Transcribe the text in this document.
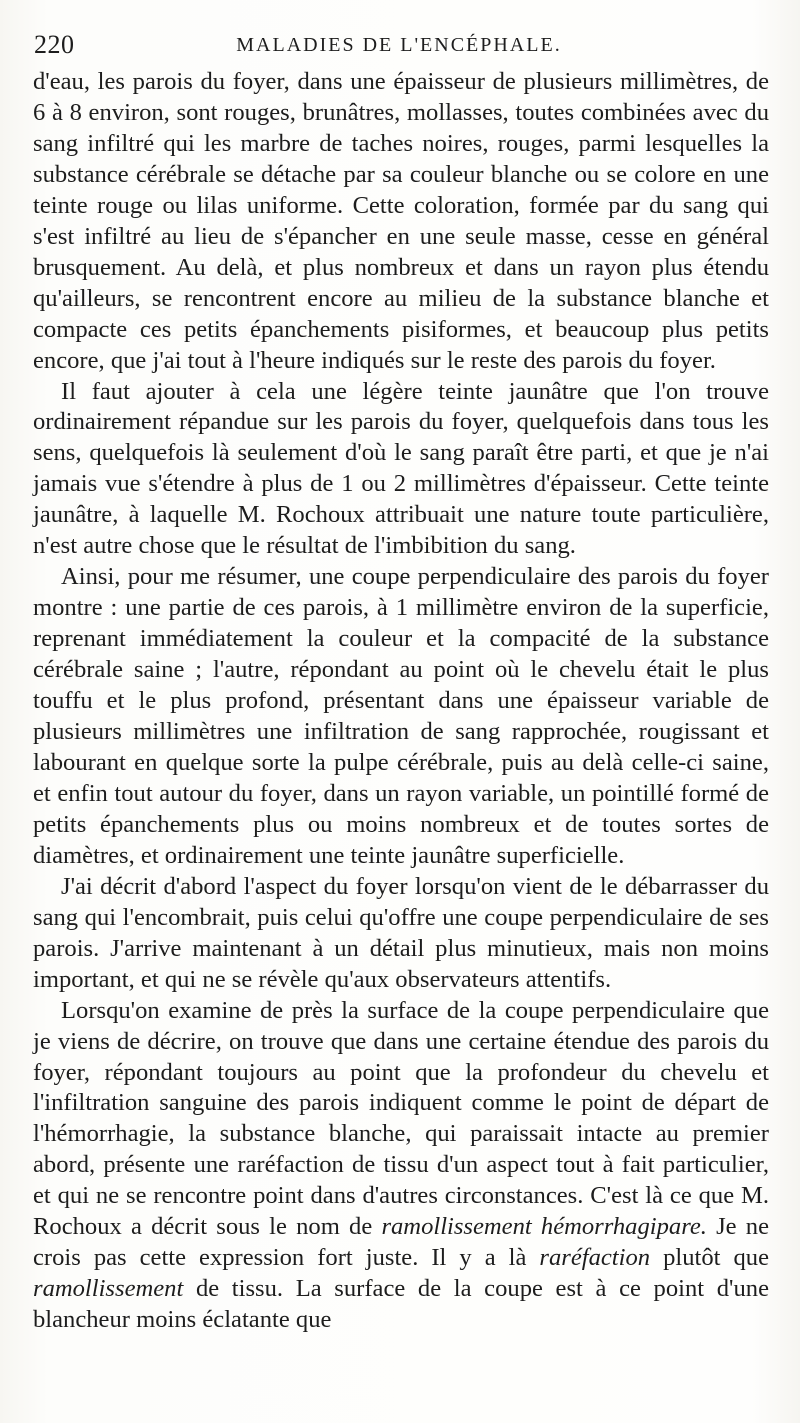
220	MALADIES DE L'ENCÉPHALE.

d'eau, les parois du foyer, dans une épaisseur de plusieurs millimètres, de 6 à 8 environ, sont rouges, brunâtres, mollasses, toutes combinées avec du sang infiltré qui les marbre de taches noires, rouges, parmi lesquelles la substance cérébrale se détache par sa couleur blanche ou se colore en une teinte rouge ou lilas uniforme. Cette coloration, formée par du sang qui s'est infiltré au lieu de s'épancher en une seule masse, cesse en général brusquement. Au delà, et plus nombreux et dans un rayon plus étendu qu'ailleurs, se rencontrent encore au milieu de la substance blanche et compacte ces petits épanchements pisiformes, et beaucoup plus petits encore, que j'ai tout à l'heure indiqués sur le reste des parois du foyer.

Il faut ajouter à cela une légère teinte jaunâtre que l'on trouve ordinairement répandue sur les parois du foyer, quelquefois dans tous les sens, quelquefois là seulement d'où le sang paraît être parti, et que je n'ai jamais vue s'étendre à plus de 1 ou 2 millimètres d'épaisseur. Cette teinte jaunâtre, à laquelle M. Rochoux attribuait une nature toute particulière, n'est autre chose que le résultat de l'imbibition du sang.

Ainsi, pour me résumer, une coupe perpendiculaire des parois du foyer montre : une partie de ces parois, à 1 millimètre environ de la superficie, reprenant immédiatement la couleur et la compacité de la substance cérébrale saine ; l'autre, répondant au point où le chevelu était le plus touffu et le plus profond, présentant dans une épaisseur variable de plusieurs millimètres une infiltration de sang rapprochée, rougissant et labourant en quelque sorte la pulpe cérébrale, puis au delà celle-ci saine, et enfin tout autour du foyer, dans un rayon variable, un pointillé formé de petits épanchements plus ou moins nombreux et de toutes sortes de diamètres, et ordinairement une teinte jaunâtre superficielle.

J'ai décrit d'abord l'aspect du foyer lorsqu'on vient de le débarrasser du sang qui l'encombrait, puis celui qu'offre une coupe perpendiculaire de ses parois. J'arrive maintenant à un détail plus minutieux, mais non moins important, et qui ne se révèle qu'aux observateurs attentifs.

Lorsqu'on examine de près la surface de la coupe perpendiculaire que je viens de décrire, on trouve que dans une certaine étendue des parois du foyer, répondant toujours au point que la profondeur du chevelu et l'infiltration sanguine des parois indiquent comme le point de départ de l'hémorrhagie, la substance blanche, qui paraissait intacte au premier abord, présente une raréfaction de tissu d'un aspect tout à fait particulier, et qui ne se rencontre point dans d'autres circonstances. C'est là ce que M. Rochoux a décrit sous le nom de ramollissement hémorrhagipare. Je ne crois pas cette expression fort juste. Il y a là raréfaction plutôt que ramollissement de tissu. La surface de la coupe est à ce point d'une blancheur moins éclatante que
